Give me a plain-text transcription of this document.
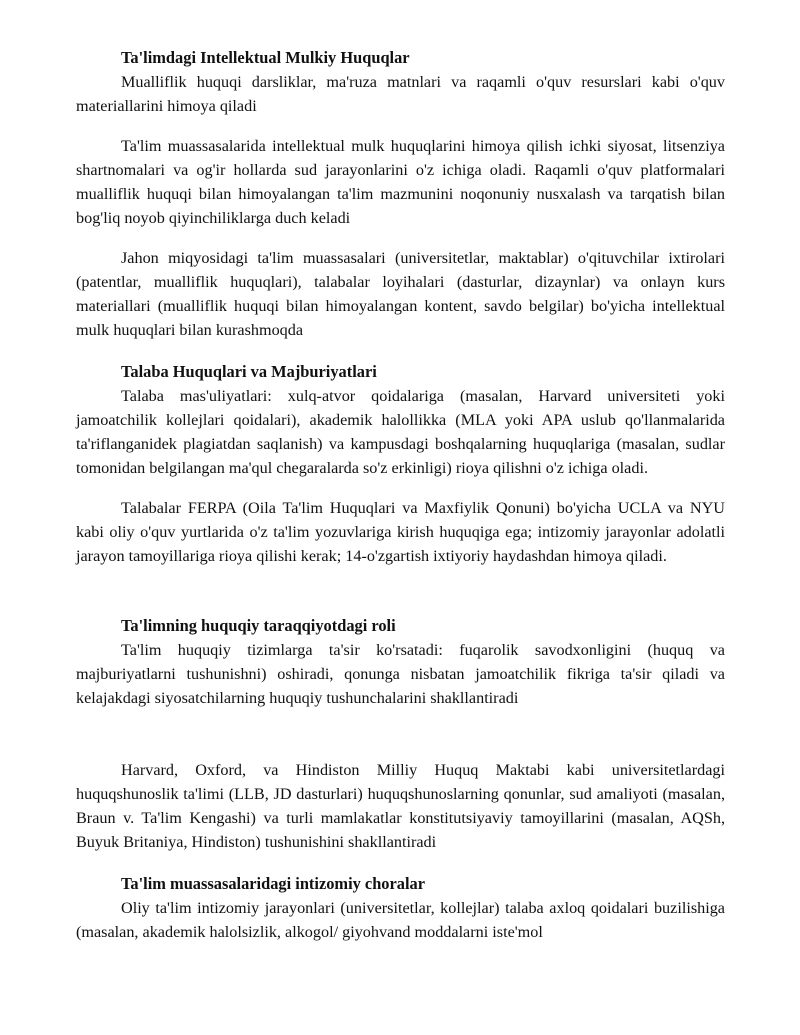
Ta'limdagi Intellektual Mulkiy Huquqlar

Mualliflik huquqi darsliklar, ma'ruza matnlari va raqamli o'quv resurslari kabi o'quv materiallarini himoya qiladi

Ta'lim muassasalarida intellektual mulk huquqlarini himoya qilish ichki siyosat, litsenziya shartnomalari va og'ir hollarda sud jarayonlarini o'z ichiga oladi. Raqamli o'quv platformalari mualliflik huquqi bilan himoyalangan ta'lim mazmunini noqonuniy nusxalash va tarqatish bilan bog'liq noyob qiyinchiliklarga duch keladi

Jahon miqyosidagi ta'lim muassasalari (universitetlar, maktablar) o'qituvchilar ixtirolari (patentlar, mualliflik huquqlari), talabalar loyihalari (dasturlar, dizaynlar) va onlayn kurs materiallari (mualliflik huquqi bilan himoyalangan kontent, savdo belgilar) bo'yicha intellektual mulk huquqlari bilan kurashmoqda

Talaba Huquqlari va Majburiyatlari

Talaba mas'uliyatlari: xulq-atvor qoidalariga (masalan, Harvard universiteti yoki jamoatchilik kollejlari qoidalari), akademik halollikka (MLA yoki APA uslub qo'llanmalarida ta'riflanganidek plagiatdan saqlanish) va kampusdagi boshqalarning huquqlariga (masalan, sudlar tomonidan belgilangan ma'qul chegaralarda so'z erkinligi) rioya qilishni o'z ichiga oladi.

Talabalar FERPA (Oila Ta'lim Huquqlari va Maxfiylik Qonuni) bo'yicha UCLA va NYU kabi oliy o'quv yurtlarida o'z ta'lim yozuvlariga kirish huquqiga ega; intizomiy jarayonlar adolatli jarayon tamoyillariga rioya qilishi kerak; 14-o'zgartish ixtiyoriy haydashdan himoya qiladi.

Ta'limning huquqiy taraqqiyotdagi roli

Ta'lim huquqiy tizimlarga ta'sir ko'rsatadi: fuqarolik savodxonligini (huquq va majburiyatlarni tushunishni) oshiradi, qonunga nisbatan jamoatchilik fikriga ta'sir qiladi va kelajakdagi siyosatchilarning huquqiy tushunchalarini shakllantiradi

Harvard, Oxford, va Hindiston Milliy Huquq Maktabi kabi universitetlardagi huquqshunoslik ta'limi (LLB, JD dasturlari) huquqshunoslarning qonunlar, sud amaliyoti (masalan, Braun v. Ta'lim Kengashi) va turli mamlakatlar konstitutsiyaviy tamoyillarini (masalan, AQSh, Buyuk Britaniya, Hindiston) tushunishini shakllantiradi

Ta'lim muassasalaridagi intizomiy choralar

Oliy ta'lim intizomiy jarayonlari (universitetlar, kollejlar) talaba axloq qoidalari buzilishiga (masalan, akademik halolsizlik, alkogol/ giyohvand moddalarni iste'mol
